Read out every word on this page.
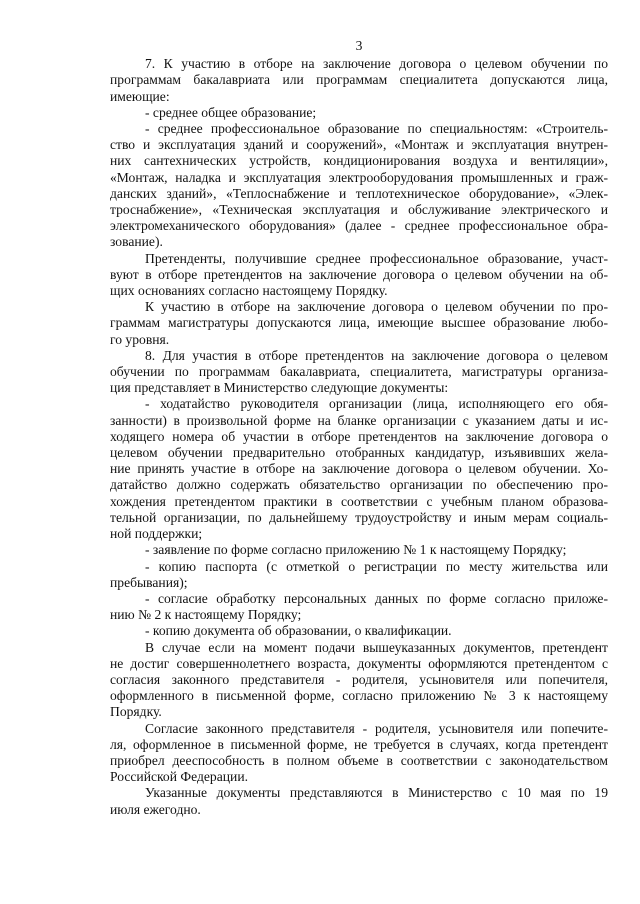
3
7. К участию в отборе на заключение договора о целевом обучении по
программам бакалавриата или программам специалитета допускаются лица,
имеющие:
- среднее общее образование;
- среднее профессиональное образование по специальностям: «Строитель-
ство и эксплуатация зданий и сооружений», «Монтаж и эксплуатация внутрен-
них сантехнических устройств, кондиционирования воздуха и вентиляции»,
«Монтаж, наладка и эксплуатация электрооборудования промышленных и граж-
данских зданий», «Теплоснабжение и теплотехническое оборудование», «Элек-
троснабжение», «Техническая эксплуатация и обслуживание электрического и
электромеханического оборудования» (далее - среднее профессиональное обра-
зование).
Претенденты, получившие среднее профессиональное образование, участ-
вуют в отборе претендентов на заключение договора о целевом обучении на об-
щих основаниях согласно настоящему Порядку.
К участию в отборе на заключение договора о целевом обучении по про-
граммам магистратуры допускаются лица, имеющие высшее образование любо-
го уровня.
8. Для участия в отборе претендентов на заключение договора о целевом
обучении по программам бакалавриата, специалитета, магистратуры организа-
ция представляет в Министерство следующие документы:
- ходатайство руководителя организации (лица, исполняющего его обя-
занности) в произвольной форме на бланке организации с указанием даты и ис-
ходящего номера об участии в отборе претендентов на заключение договора о
целевом обучении предварительно отобранных кандидатур, изъявивших жела-
ние принять участие в отборе на заключение договора о целевом обучении. Хо-
датайство должно содержать обязательство организации по обеспечению про-
хождения претендентом практики в соответствии с учебным планом образова-
тельной организации, по дальнейшему трудоустройству и иным мерам социаль-
ной поддержки;
- заявление по форме согласно приложению № 1 к настоящему Порядку;
- копию паспорта (с отметкой о регистрации по месту жительства или
пребывания);
- согласие обработку персональных данных по форме согласно приложе-
нию № 2 к настоящему Порядку;
- копию документа об образовании, о квалификации.
В случае если на момент подачи вышеуказанных документов, претендент
не достиг совершеннолетнего возраста, документы оформляются претендентом с
согласия законного представителя - родителя, усыновителя или попечителя,
оформленного в письменной форме, согласно приложению № 3 к настоящему
Порядку.
Согласие законного представителя - родителя, усыновителя или попечите-
ля, оформленное в письменной форме, не требуется в случаях, когда претендент
приобрел дееспособность в полном объеме в соответствии с законодательством
Российской Федерации.
Указанные документы представляются в Министерство с 10 мая по 19
июля ежегодно.
